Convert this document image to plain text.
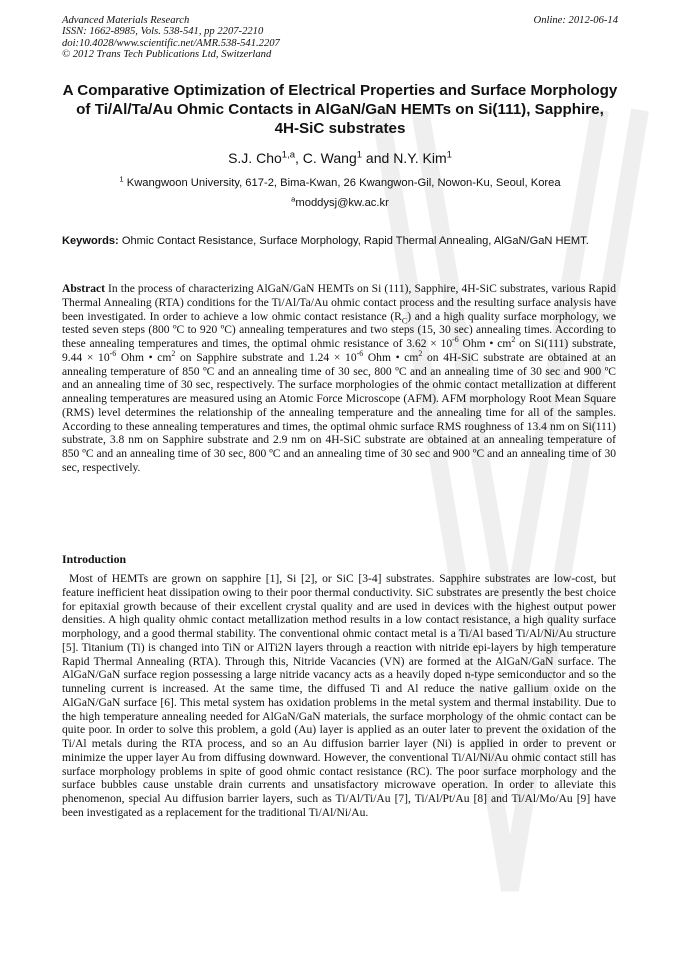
Advanced Materials Research
ISSN: 1662-8985, Vols. 538-541, pp 2207-2210
doi:10.4028/www.scientific.net/AMR.538-541.2207
© 2012 Trans Tech Publications Ltd, Switzerland
Online: 2012-06-14
A Comparative Optimization of Electrical Properties and Surface Morphology of Ti/Al/Ta/Au Ohmic Contacts in AlGaN/GaN HEMTs on Si(111), Sapphire, 4H-SiC substrates
S.J. Cho$^{1,a}$, C. Wang$^1$ and N.Y. Kim$^1$
$^1$ Kwangwoon University, 617-2, Bima-Kwan, 26 Kwangwon-Gil, Nowon-Ku, Seoul, Korea
$^a$moddysj@kw.ac.kr
Keywords: Ohmic Contact Resistance, Surface Morphology, Rapid Thermal Annealing, AlGaN/GaN HEMT.
Abstract In the process of characterizing AlGaN/GaN HEMTs on Si (111), Sapphire, 4H-SiC substrates, various Rapid Thermal Annealing (RTA) conditions for the Ti/Al/Ta/Au ohmic contact process and the resulting surface analysis have been investigated. In order to achieve a low ohmic contact resistance $(R_C)$ and a high quality surface morphology, we tested seven steps (800 ºC to 920 ºC) annealing temperatures and two steps (15, 30 sec) annealing times. According to these annealing temperatures and times, the optimal ohmic resistance of $3.62 \times 10^{-6}$ Ohm • $cm^2$ on Si(111) substrate, $9.44 \times 10^{-6}$ Ohm • $cm^2$ on Sapphire substrate and $1.24 \times 10^{-6}$ Ohm • $cm^2$ on 4H-SiC substrate are obtained at an annealing temperature of 850 ºC and an annealing time of 30 sec, 800 ºC and an annealing time of 30 sec and 900 ºC and an annealing time of 30 sec, respectively. The surface morphologies of the ohmic contact metallization at different annealing temperatures are measured using an Atomic Force Microscope (AFM). AFM morphology Root Mean Square (RMS) level determines the relationship of the annealing temperature and the annealing time for all of the samples. According to these annealing temperatures and times, the optimal ohmic surface RMS roughness of 13.4 nm on Si(111) substrate, 3.8 nm on Sapphire substrate and 2.9 nm on 4H-SiC substrate are obtained at an annealing temperature of 850 ºC and an annealing time of 30 sec, 800 ºC and an annealing time of 30 sec and 900 ºC and an annealing time of 30 sec, respectively.
Introduction
Most of HEMTs are grown on sapphire [1], Si [2], or SiC [3-4] substrates. Sapphire substrates are low-cost, but feature inefficient heat dissipation owing to their poor thermal conductivity. SiC substrates are presently the best choice for epitaxial growth because of their excellent crystal quality and are used in devices with the highest output power densities. A high quality ohmic contact metallization method results in a low contact resistance, a high quality surface morphology, and a good thermal stability. The conventional ohmic contact metal is a Ti/Al based Ti/Al/Ni/Au structure [5]. Titanium (Ti) is changed into TiN or AlTi2N layers through a reaction with nitride epi-layers by high temperature Rapid Thermal Annealing (RTA). Through this, Nitride Vacancies (VN) are formed at the AlGaN/GaN surface. The AlGaN/GaN surface region possessing a large nitride vacancy acts as a heavily doped n-type semiconductor and so the tunneling current is increased. At the same time, the diffused Ti and Al reduce the native gallium oxide on the AlGaN/GaN surface [6]. This metal system has oxidation problems in the metal system and thermal instability. Due to the high temperature annealing needed for AlGaN/GaN materials, the surface morphology of the ohmic contact can be quite poor. In order to solve this problem, a gold (Au) layer is applied as an outer later to prevent the oxidation of the Ti/Al metals during the RTA process, and so an Au diffusion barrier layer (Ni) is applied in order to prevent or minimize the upper layer Au from diffusing downward. However, the conventional Ti/Al/Ni/Au ohmic contact still has surface morphology problems in spite of good ohmic contact resistance (RC). The poor surface morphology and the surface bubbles cause unstable drain currents and unsatisfactory microwave operation. In order to alleviate this phenomenon, special Au diffusion barrier layers, such as Ti/Al/Ti/Au [7], Ti/Al/Pt/Au [8] and Ti/Al/Mo/Au [9] have been investigated as a replacement for the traditional Ti/Al/Ni/Au.
